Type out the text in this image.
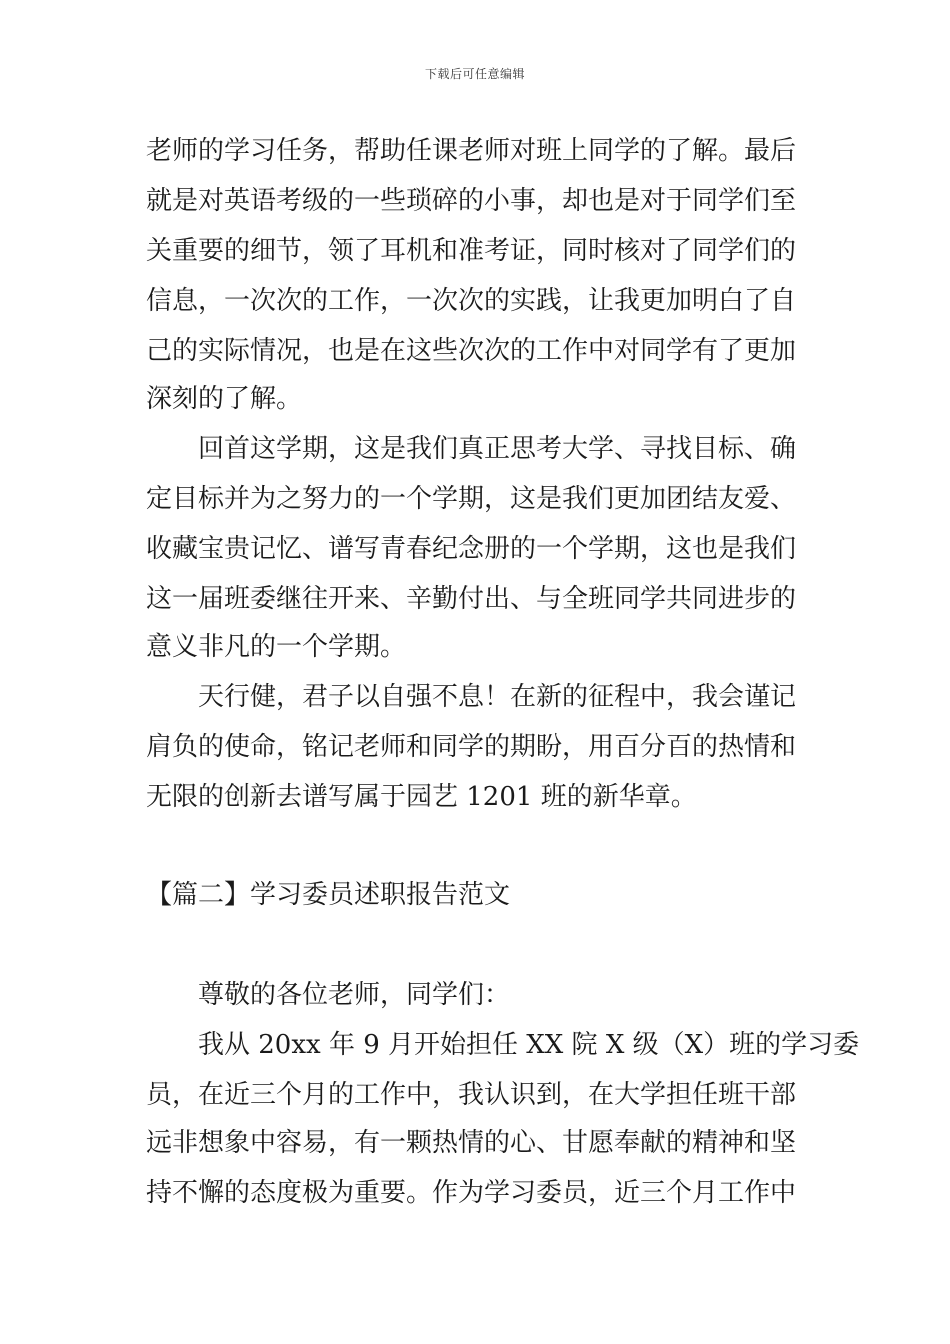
下载后可任意编辑
老师的学习任务，帮助任课老师对班上同学的了解。最后
就是对英语考级的一些琐碎的小事，却也是对于同学们至
关重要的细节，领了耳机和准考证，同时核对了同学们的
信息，一次次的工作，一次次的实践，让我更加明白了自
己的实际情况，也是在这些次次的工作中对同学有了更加
深刻的了解。
回首这学期，这是我们真正思考大学、寻找目标、确
定目标并为之努力的一个学期，这是我们更加团结友爱、
收藏宝贵记忆、谱写青春纪念册的一个学期，这也是我们
这一届班委继往开来、辛勤付出、与全班同学共同进步的
意义非凡的一个学期。
天行健，君子以自强不息！在新的征程中，我会谨记
肩负的使命，铭记老师和同学的期盼，用百分百的热情和
无限的创新去谱写属于园艺 1201 班的新华章。
【篇二】学习委员述职报告范文
尊敬的各位老师，同学们：
我从 20xx 年 9 月开始担任 XX 院 X 级（X）班的学习委
员，在近三个月的工作中，我认识到，在大学担任班干部
远非想象中容易，有一颗热情的心、甘愿奉献的精神和坚
持不懈的态度极为重要。作为学习委员，近三个月工作中
